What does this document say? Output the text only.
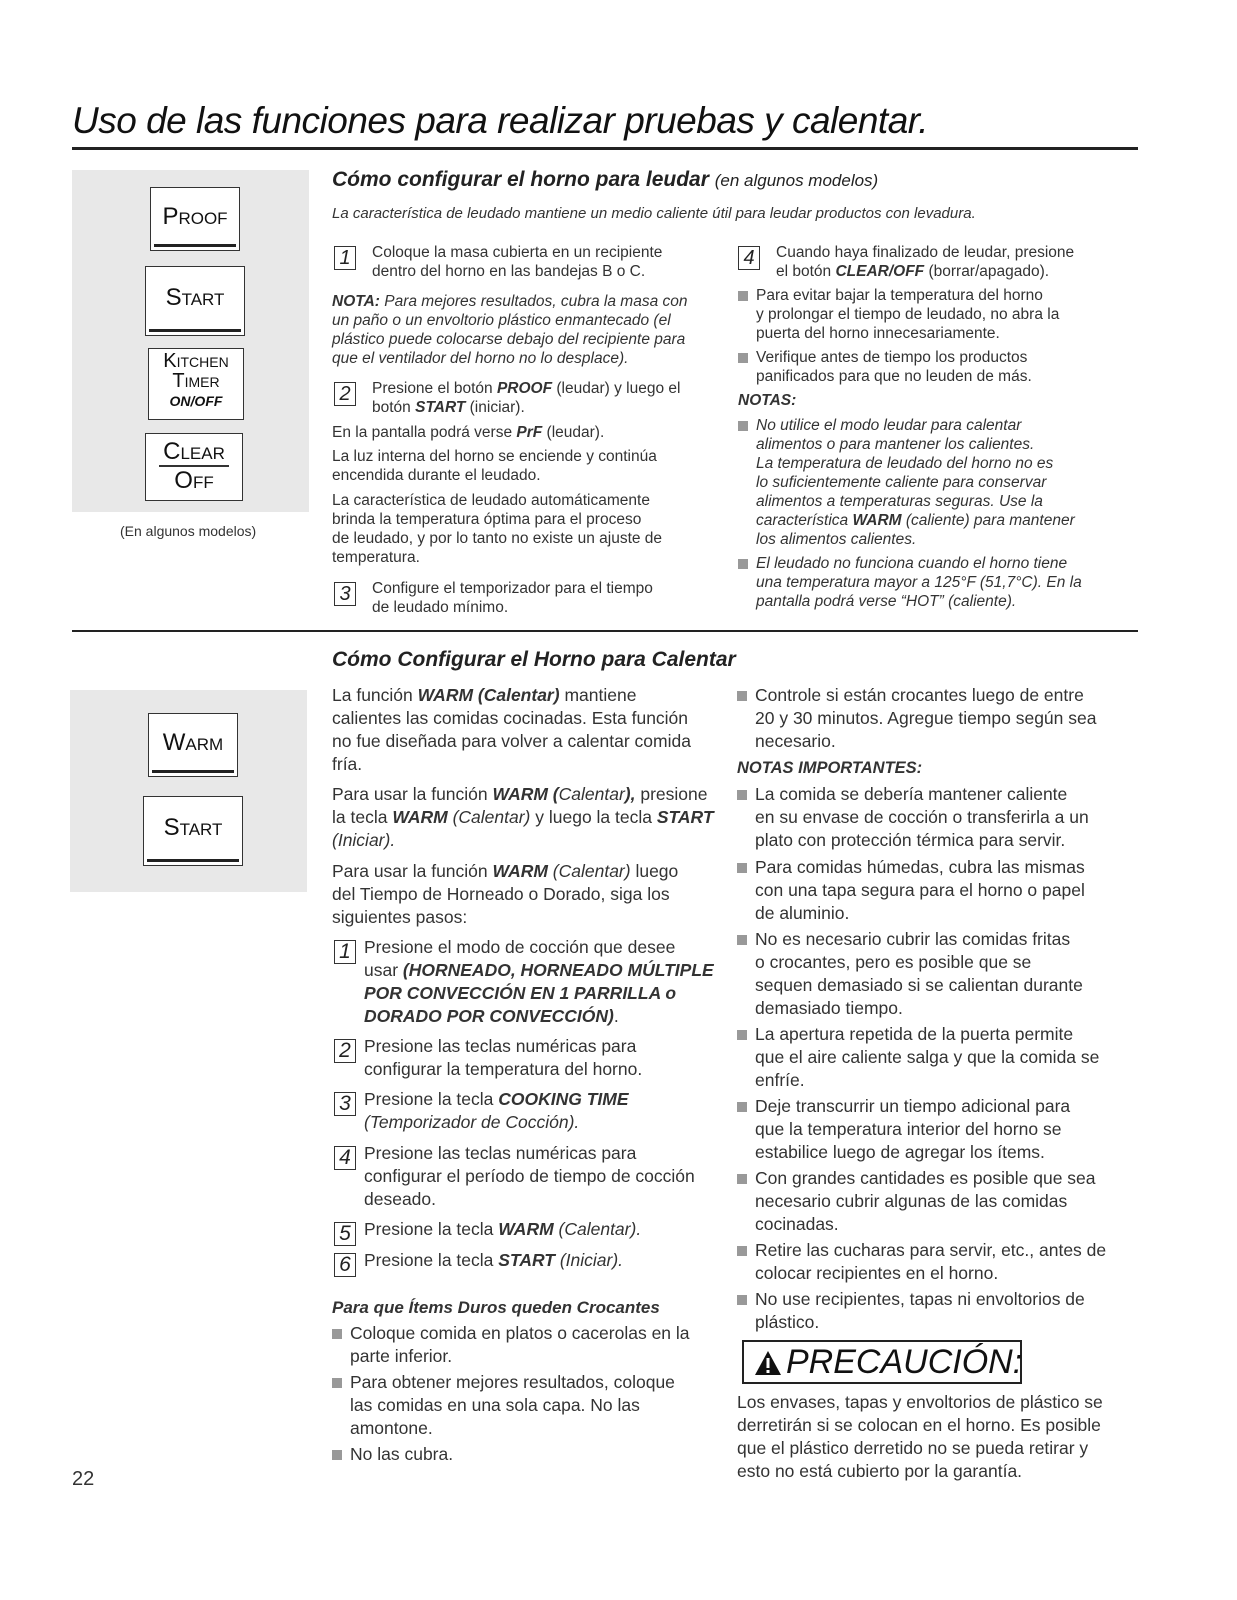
Uso de las funciones para realizar pruebas y calentar.
Proof
Start
Kitchen
Timer
ON/OFF
Clear
Off
(En algunos modelos)
Cómo configurar el horno para leudar (en algunos modelos)
La característica de leudado mantiene un medio caliente útil para leudar productos con levadura.
1	Coloque la masa cubierta en un recipiente
dentro del horno en las bandejas B o C.
NOTA: Para mejores resultados, cubra la masa con
un paño o un envoltorio plástico enmantecado (el
plástico puede colocarse debajo del recipiente para
que el ventilador del horno no lo desplace).
2	Presione el botón PROOF (leudar) y luego el
botón START (iniciar).
En la pantalla podrá verse PrF (leudar).
La luz interna del horno se enciende y continúa
encendida durante el leudado.
La característica de leudado automáticamente
brinda la temperatura óptima para el proceso
de leudado, y por lo tanto no existe un ajuste de
temperatura.
3	Configure el temporizador para el tiempo
de leudado mínimo.
4	Cuando haya finalizado de leudar, presione
el botón CLEAR/OFF (borrar/apagado).
Para evitar bajar la temperatura del horno
y prolongar el tiempo de leudado, no abra la
puerta del horno innecesariamente.
Verifique antes de tiempo los productos
panificados para que no leuden de más.
NOTAS:
No utilice el modo leudar para calentar
alimentos o para mantener los calientes.
La temperatura de leudado del horno no es
lo suficientemente caliente para conservar
alimentos a temperaturas seguras. Use la
característica WARM (caliente) para mantener
los alimentos calientes.
El leudado no funciona cuando el horno tiene
una temperatura mayor a 125°F (51,7°C). En la
pantalla podrá verse “HOT” (caliente).
Warm
Start
Cómo Configurar el Horno para Calentar
La función WARM (Calentar) mantiene
calientes las comidas cocinadas. Esta función
no fue diseñada para volver a calentar comida
fría.
Para usar la función WARM (Calentar), presione
la tecla WARM (Calentar) y luego la tecla START
(Iniciar).
Para usar la función WARM (Calentar) luego
del Tiempo de Horneado o Dorado, siga los
siguientes pasos:
1 Presione el modo de cocción que desee
usar (HORNEADO, HORNEADO MÚLTIPLE
POR CONVECCIÓN EN 1 PARRILLA o
DORADO POR CONVECCIÓN).
2 Presione las teclas numéricas para
configurar la temperatura del horno.
3 Presione la tecla COOKING TIME
(Temporizador de Cocción).
4 Presione las teclas numéricas para
configurar el período de tiempo de cocción
deseado.
5 Presione la tecla WARM (Calentar).
6 Presione la tecla START (Iniciar).
Para que Ítems Duros queden Crocantes
Coloque comida en platos o cacerolas en la
parte inferior.
Para obtener mejores resultados, coloque
las comidas en una sola capa. No las
amontone.
No las cubra.
Controle si están crocantes luego de entre
20 y 30 minutos. Agregue tiempo según sea
necesario.
NOTAS IMPORTANTES:
La comida se debería mantener caliente
en su envase de cocción o transferirla a un
plato con protección térmica para servir.
Para comidas húmedas, cubra las mismas
con una tapa segura para el horno o papel
de aluminio.
No es necesario cubrir las comidas fritas
o crocantes, pero es posible que se
sequen demasiado si se calientan durante
demasiado tiempo.
La apertura repetida de la puerta permite
que el aire caliente salga y que la comida se
enfríe.
Deje transcurrir un tiempo adicional para
que la temperatura interior del horno se
estabilice luego de agregar los ítems.
Con grandes cantidades es posible que sea
necesario cubrir algunas de las comidas
cocinadas.
Retire las cucharas para servir, etc., antes de
colocar recipientes en el horno.
No use recipientes, tapas ni envoltorios de
plástico.
PRECAUCIÓN:
Los envases, tapas y envoltorios de plástico se
derretirán si se colocan en el horno. Es posible
que el plástico derretido no se pueda retirar y
esto no está cubierto por la garantía.
22
